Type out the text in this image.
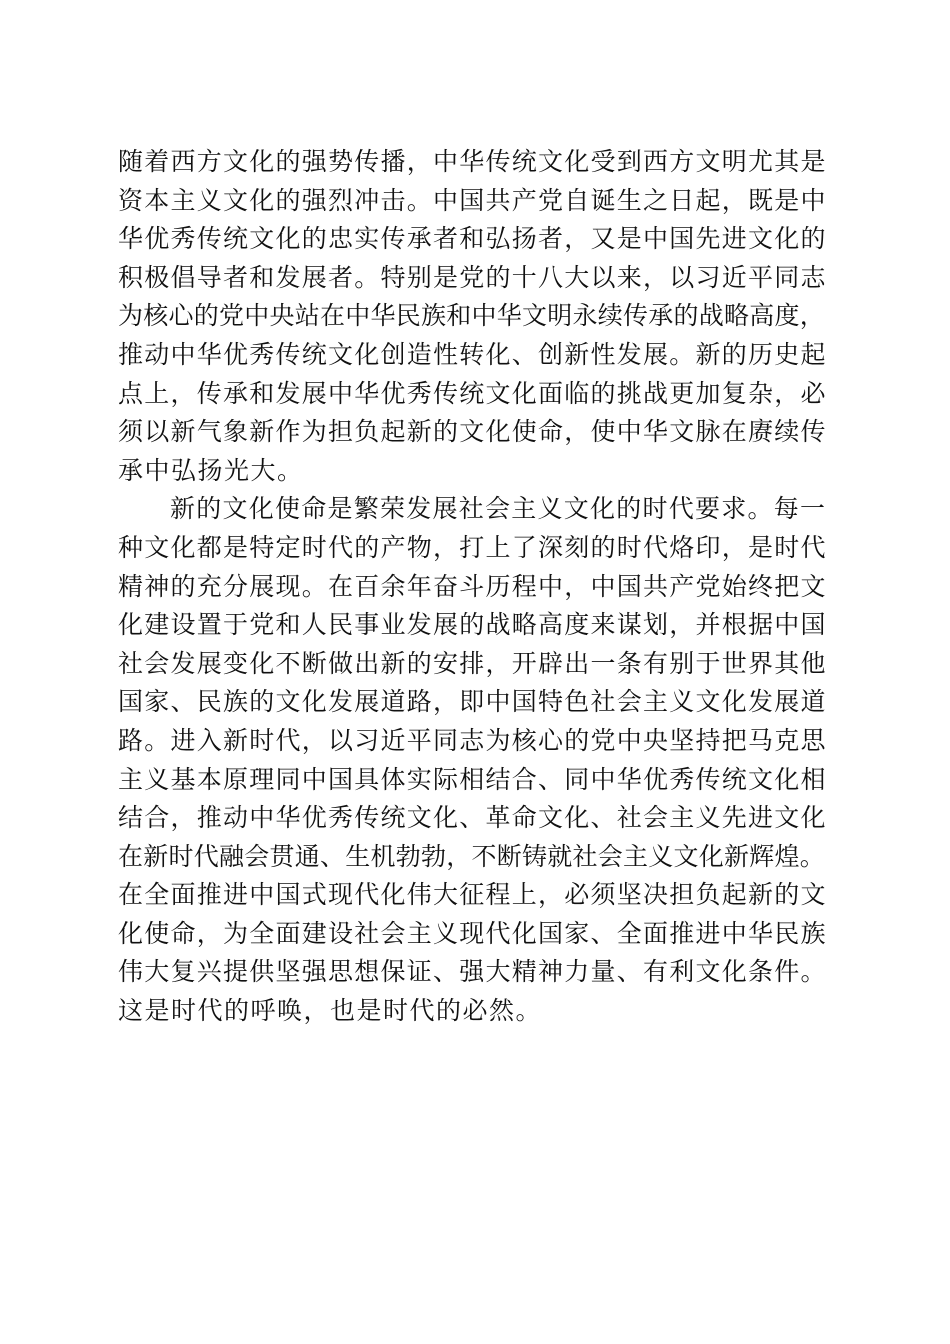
随着西方文化的强势传播，中华传统文化受到西方文明尤其是
资本主义文化的强烈冲击。中国共产党自诞生之日起，既是中
华优秀传统文化的忠实传承者和弘扬者，又是中国先进文化的
积极倡导者和发展者。特别是党的十八大以来，以习近平同志
为核心的党中央站在中华民族和中华文明永续传承的战略高度，
推动中华优秀传统文化创造性转化、创新性发展。新的历史起
点上，传承和发展中华优秀传统文化面临的挑战更加复杂，必
须以新气象新作为担负起新的文化使命，使中华文脉在赓续传
承中弘扬光大。
新的文化使命是繁荣发展社会主义文化的时代要求。每一
种文化都是特定时代的产物，打上了深刻的时代烙印，是时代
精神的充分展现。在百余年奋斗历程中，中国共产党始终把文
化建设置于党和人民事业发展的战略高度来谋划，并根据中国
社会发展变化不断做出新的安排，开辟出一条有别于世界其他
国家、民族的文化发展道路，即中国特色社会主义文化发展道
路。进入新时代，以习近平同志为核心的党中央坚持把马克思
主义基本原理同中国具体实际相结合、同中华优秀传统文化相
结合，推动中华优秀传统文化、革命文化、社会主义先进文化
在新时代融会贯通、生机勃勃，不断铸就社会主义文化新辉煌。
在全面推进中国式现代化伟大征程上，必须坚决担负起新的文
化使命，为全面建设社会主义现代化国家、全面推进中华民族
伟大复兴提供坚强思想保证、强大精神力量、有利文化条件。
这是时代的呼唤，也是时代的必然。
